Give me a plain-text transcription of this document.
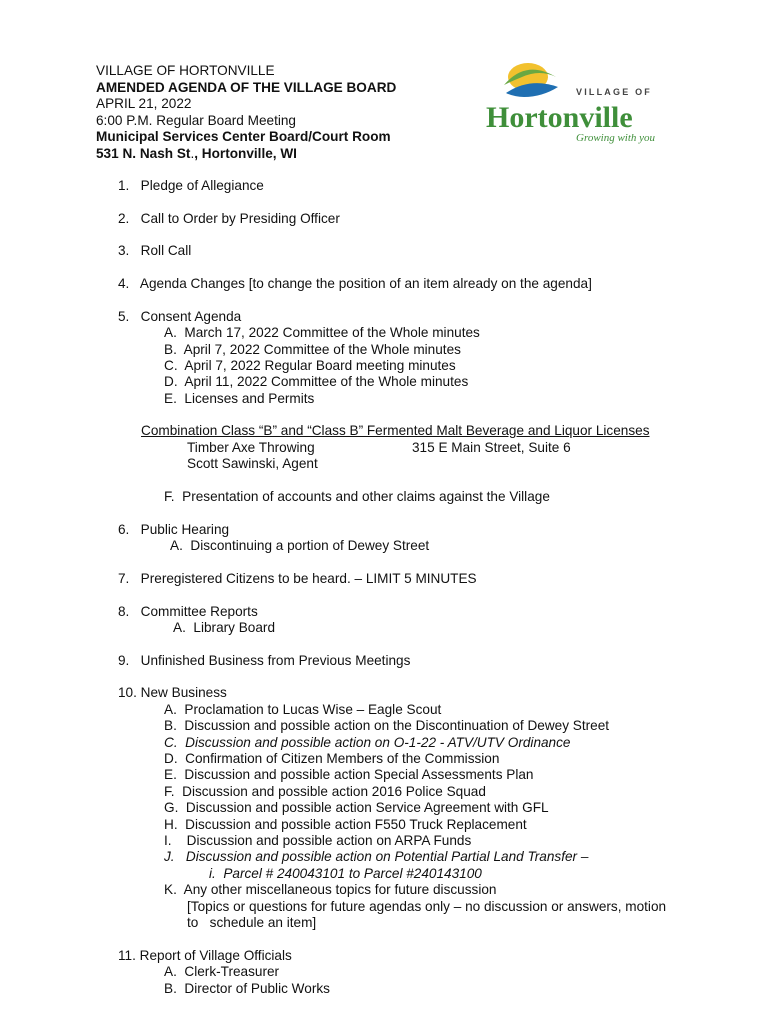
VILLAGE OF HORTONVILLE
AMENDED AGENDA OF THE VILLAGE BOARD
APRIL 21, 2022
6:00 P.M. Regular Board Meeting
Municipal Services Center Board/Court Room
531 N. Nash St., Hortonville, WI
VILLAGE OF
Hortonville
Growing with you
1.   Pledge of Allegiance
2.   Call to Order by Presiding Officer
3.   Roll Call
4.   Agenda Changes [to change the position of an item already on the agenda]
5.   Consent Agenda
A.  March 17, 2022 Committee of the Whole minutes
B.  April 7, 2022 Committee of the Whole minutes
C.  April 7, 2022 Regular Board meeting minutes
D.  April 11, 2022 Committee of the Whole minutes
E.  Licenses and Permits
Combination Class “B” and “Class B” Fermented Malt Beverage and Liquor Licenses
Timber Axe Throwing	315 E Main Street, Suite 6
Scott Sawinski, Agent
F.  Presentation of accounts and other claims against the Village
6.   Public Hearing
A.  Discontinuing a portion of Dewey Street
7.   Preregistered Citizens to be heard. – LIMIT 5 MINUTES
8.   Committee Reports
A.  Library Board
9.   Unfinished Business from Previous Meetings
10. New Business
A.  Proclamation to Lucas Wise – Eagle Scout
B.  Discussion and possible action on the Discontinuation of Dewey Street
C.  Discussion and possible action on O-1-22 - ATV/UTV Ordinance
D.  Confirmation of Citizen Members of the Commission
E.  Discussion and possible action Special Assessments Plan
F.  Discussion and possible action 2016 Police Squad
G.  Discussion and possible action Service Agreement with GFL
H.  Discussion and possible action F550 Truck Replacement
I.    Discussion and possible action on ARPA Funds
J.   Discussion and possible action on Potential Partial Land Transfer –
i.  Parcel # 240043101 to Parcel #240143100
K.  Any other miscellaneous topics for future discussion
[Topics or questions for future agendas only – no discussion or answers, motion
to   schedule an item]
11. Report of Village Officials
A.  Clerk-Treasurer
B.  Director of Public Works
